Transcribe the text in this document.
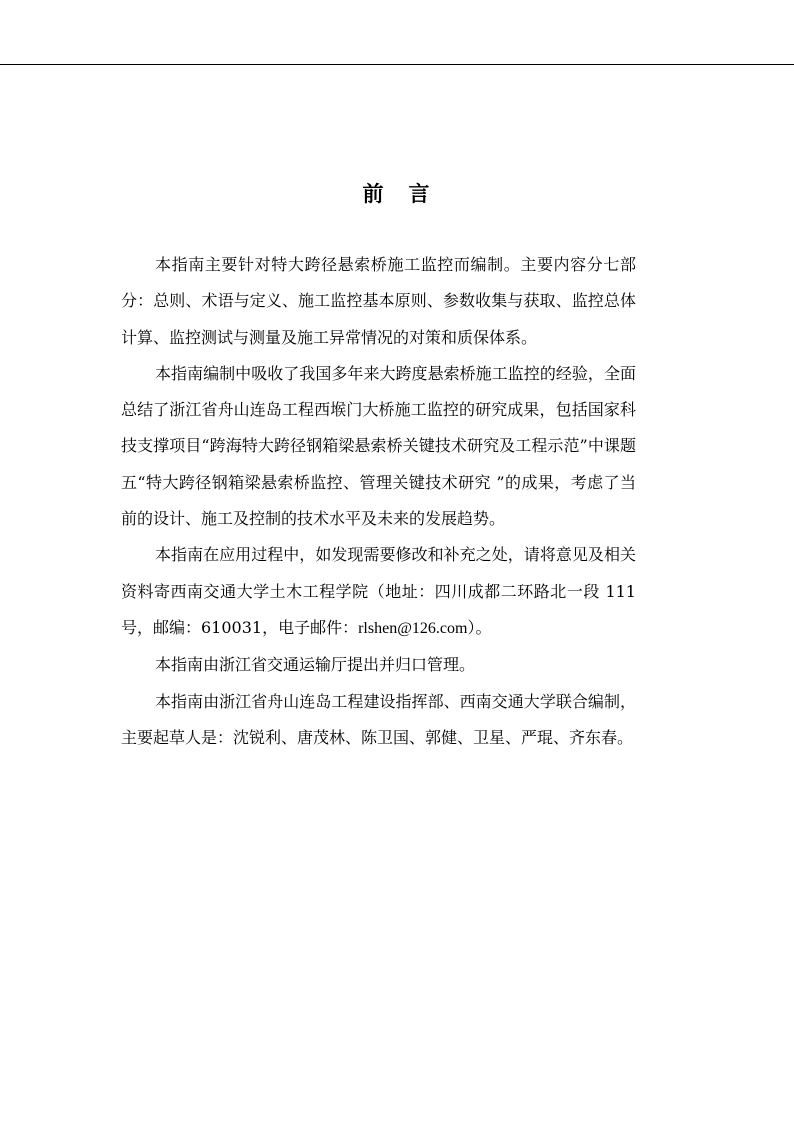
前　言

本指南主要针对特大跨径悬索桥施工监控而编制。主要内容分七部分：总则、术语与定义、施工监控基本原则、参数收集与获取、监控总体计算、监控测试与测量及施工异常情况的对策和质保体系。

本指南编制中吸收了我国多年来大跨度悬索桥施工监控的经验，全面总结了浙江省舟山连岛工程西堠门大桥施工监控的研究成果，包括国家科技支撑项目“跨海特大跨径钢箱梁悬索桥关键技术研究及工程示范”中课题五“特大跨径钢箱梁悬索桥监控、管理关键技术研究 ”的成果，考虑了当前的设计、施工及控制的技术水平及未来的发展趋势。

本指南在应用过程中，如发现需要修改和补充之处，请将意见及相关资料寄西南交通大学土木工程学院（地址：四川成都二环路北一段 111 号，邮编：610031，电子邮件：rlshen@126.com）。

本指南由浙江省交通运输厅提出并归口管理。

本指南由浙江省舟山连岛工程建设指挥部、西南交通大学联合编制，主要起草人是：沈锐利、唐茂林、陈卫国、郭健、卫星、严琨、齐东春。
